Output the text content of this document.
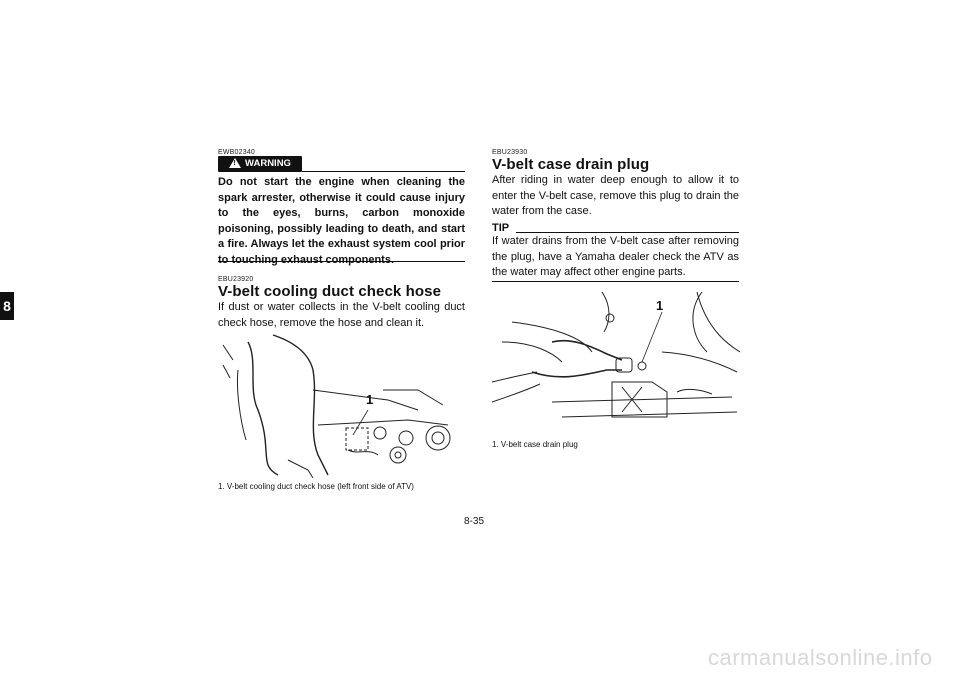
8
EWB02340
! WARNING
Do not start the engine when cleaning the spark arrester, otherwise it could cause injury to the eyes, burns, carbon monoxide poisoning, possibly leading to death, and start a fire. Always let the exhaust system cool prior to touching exhaust components.
EBU23920
V-belt cooling duct check hose
If dust or water collects in the V-belt cooling duct check hose, remove the hose and clean it.
1
1. V-belt cooling duct check hose (left front side of ATV)
EBU23930
V-belt case drain plug
After riding in water deep enough to allow it to enter the V-belt case, remove this plug to drain the water from the case.
TIP
If water drains from the V-belt case after removing the plug, have a Yamaha dealer check the ATV as the water may affect other engine parts.
1
1. V-belt case drain plug
8-35
carmanualsonline.info
